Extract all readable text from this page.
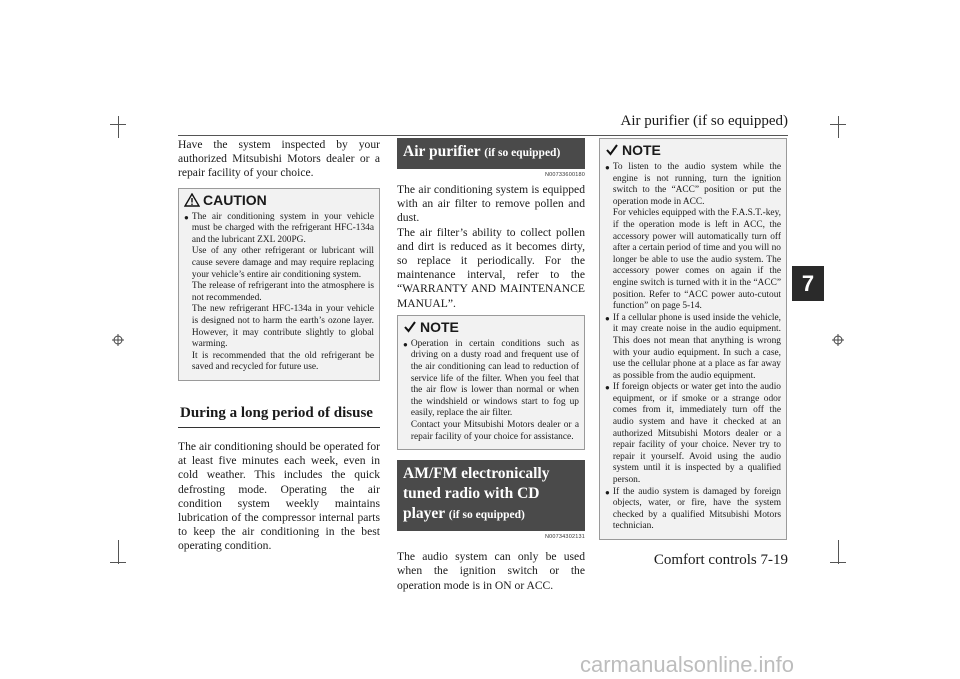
Air purifier (if so equipped)
7

Have the system inspected by your authorized Mitsubishi Motors dealer or a repair facility of your choice.

CAUTION
● The air conditioning system in your vehicle must be charged with the refrigerant HFC-134a and the lubricant ZXL 200PG.
Use of any other refrigerant or lubricant will cause severe damage and may require replacing your vehicle’s entire air conditioning system.
The release of refrigerant into the atmosphere is not recommended.
The new refrigerant HFC-134a in your vehicle is designed not to harm the earth’s ozone layer. However, it may contribute slightly to global warming.
It is recommended that the old refrigerant be saved and recycled for future use.
During a long period of disuse

The air conditioning should be operated for at least five minutes each week, even in cold weather. This includes the quick defrosting mode. Operating the air condition system weekly maintains lubrication of the compressor internal parts to keep the air conditioning in the best operating condition.

Air purifier (if so equipped)
N00733600180

The air conditioning system is equipped with an air filter to remove pollen and dust.
The air filter’s ability to collect pollen and dirt is reduced as it becomes dirty, so replace it periodically. For the maintenance interval, refer to the “WARRANTY AND MAINTENANCE MANUAL”.

NOTE
● Operation in certain conditions such as driving on a dusty road and frequent use of the air conditioning can lead to reduction of service life of the filter. When you feel that the air flow is lower than normal or when the windshield or windows start to fog up easily, replace the air filter.
Contact your Mitsubishi Motors dealer or a repair facility of your choice for assistance.
AM/FM electronically tuned radio with CD player (if so equipped)
N00734302131

The audio system can only be used when the ignition switch or the operation mode is in ON or ACC.

NOTE
● To listen to the audio system while the engine is not running, turn the ignition switch to the “ACC” position or put the operation mode in ACC.
For vehicles equipped with the F.A.S.T.-key, if the operation mode is left in ACC, the accessory power will automatically turn off after a certain period of time and you will no longer be able to use the audio system. The accessory power comes on again if the engine switch is turned with it in the “ACC” position. Refer to “ACC power auto-cutout function” on page 5-14.
● If a cellular phone is used inside the vehicle, it may create noise in the audio equipment. This does not mean that anything is wrong with your audio equipment. In such a case, use the cellular phone at a place as far away as possible from the audio equipment.
● If foreign objects or water get into the audio equipment, or if smoke or a strange odor comes from it, immediately turn off the audio system and have it checked at an authorized Mitsubishi Motors dealer or a repair facility of your choice. Never try to repair it yourself. Avoid using the audio system until it is inspected by a qualified person.
● If the audio system is damaged by foreign objects, water, or fire, have the system checked by a qualified Mitsubishi Motors technician.
Comfort controls 7-19
carmanualsonline.info
